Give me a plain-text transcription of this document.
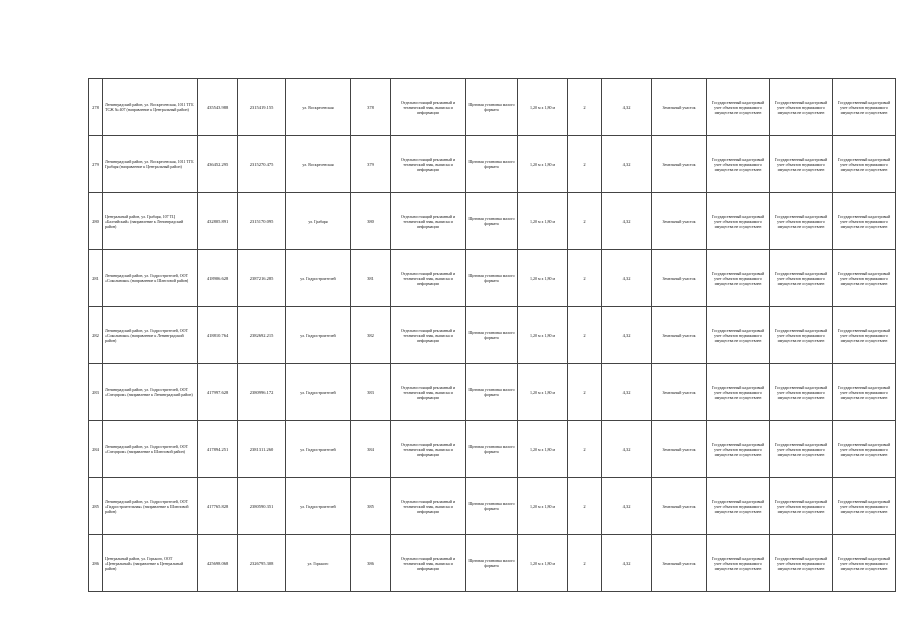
278	Ленинградский район, ул. Воскресенская, 1011 ТГБ ТСЖ № 407 (направление к Центральный район)	435543.988	2315419.155	ул. Воскресенская	378	Отдельностоящий рекламный и технический знак, выписка и информации	Щитовая установка малого формата	1,20 м х 1,80 м	2	4,32	Земельный участок	Государственный кадастровый учет объектов недвижимого имущества не осуществлен	Государственный кадастровый учет объектов недвижимого имущества не осуществлен	Государственный кадастровый учет объектов недвижимого имущества не осуществлен
279	Ленинградский район, ул. Воскресенская, 1011 ТГБ Грабаря (направление к Центральный район)	436452.295	2315270.475	ул. Воскресенская	379	Отдельностоящий рекламный и технический знак, выписка и информации	Щитовая установка малого формата	1,20 м х 1,80 м	2	4,32	Земельный участок	Государственный кадастровый учет объектов недвижимого имущества не осуществлен	Государственный кадастровый учет объектов недвижимого имущества не осуществлен	Государственный кадастровый учет объектов недвижимого имущества не осуществлен
280	Центральный район, ул. Грабаря, 107 ТЦ «Балтийский» (направление к Ленинградский район)	432805.891	2315170.095	ул. Грабаря	380	Отдельностоящий рекламный и технический знак, выписка и информации	Щитовая установка малого формата	1,20 м х 1,80 м	2	4,32	Земельный участок	Государственный кадастровый учет объектов недвижимого имущества не осуществлен	Государственный кадастровый учет объектов недвижимого имущества не осуществлен	Государственный кадастровый учет объектов недвижимого имущества не осуществлен
281	Ленинградский район, ул. Гидрострителей, ООТ «Сокольники» (направление к Шлюзовой район)	418906.628	2387216.285	ул. Гидростроителей	381	Отдельностоящий рекламный и технический знак, выписка и информации	Щитовая установка малого формата	1,20 м х 1,80 м	2	4,32	Земельный участок	Государственный кадастровый учет объектов недвижимого имущества не осуществлен	Государственный кадастровый учет объектов недвижимого имущества не осуществлен	Государственный кадастровый учет объектов недвижимого имущества не осуществлен
282	Ленинградский район, ул. Гидрострителей, ООТ «Сокольники» (направление к Ленинградский район)	418810.764	2382692.215	ул. Гидростроителей	382	Отдельностоящий рекламный и технический знак, выписка и информации	Щитовая установка малого формата	1,20 м х 1,80 м	2	4,32	Земельный участок	Государственный кадастровый учет объектов недвижимого имущества не осуществлен	Государственный кадастровый учет объектов недвижимого имущества не осуществлен	Государственный кадастровый учет объектов недвижимого имущества не осуществлен
283	Ленинградский район, ул. Гидрострителей, ООТ «Спецпром» (направление к Ленинградский район)	417997.628	2380996.172	ул. Гидростроителей	383	Отдельностоящий рекламный и технический знак, выписка и информации	Щитовая установка малого формата	1,20 м х 1,80 м	2	4,32	Земельный участок	Государственный кадастровый учет объектов недвижимого имущества не осуществлен	Государственный кадастровый учет объектов недвижимого имущества не осуществлен	Государственный кадастровый учет объектов недвижимого имущества не осуществлен
284	Ленинградский район, ул. Гидрострителей, ООТ «Спецпром» (направление к Шлюзовой район)	417894.251	2381311.260	ул. Гидростроителей	384	Отдельностоящий рекламный и технический знак, выписка и информации	Щитовая установка малого формата	1,20 м х 1,80 м	2	4,32	Земельный участок	Государственный кадастровый учет объектов недвижимого имущества не осуществлен	Государственный кадастровый учет объектов недвижимого имущества не осуществлен	Государственный кадастровый учет объектов недвижимого имущества не осуществлен
285	Ленинградский район, ул. Гидрострителей, ООТ «Гидростроительная» (направление к Шлюзовой район)	417765.828	2380590.351	ул. Гидростроителей	385	Отдельностоящий рекламный и технический знак, выписка и информации	Щитовая установка малого формата	1,20 м х 1,80 м	2	4,32	Земельный участок	Государственный кадастровый учет объектов недвижимого имущества не осуществлен	Государственный кадастровый учет объектов недвижимого имущества не осуществлен	Государственный кадастровый учет объектов недвижимого имущества не осуществлен
286	Центральный район, ул. Горького, ООТ «Центральный» (направление к Центральный район)	425698.068	2326795.308	ул. Горького	386	Отдельностоящий рекламный и технический знак, выписка и информации	Щитовая установка малого формата	1,20 м х 1,80 м	2	4,32	Земельный участок	Государственный кадастровый учет объектов недвижимого имущества не осуществлен	Государственный кадастровый учет объектов недвижимого имущества не осуществлен	Государственный кадастровый учет объектов недвижимого имущества не осуществлен
